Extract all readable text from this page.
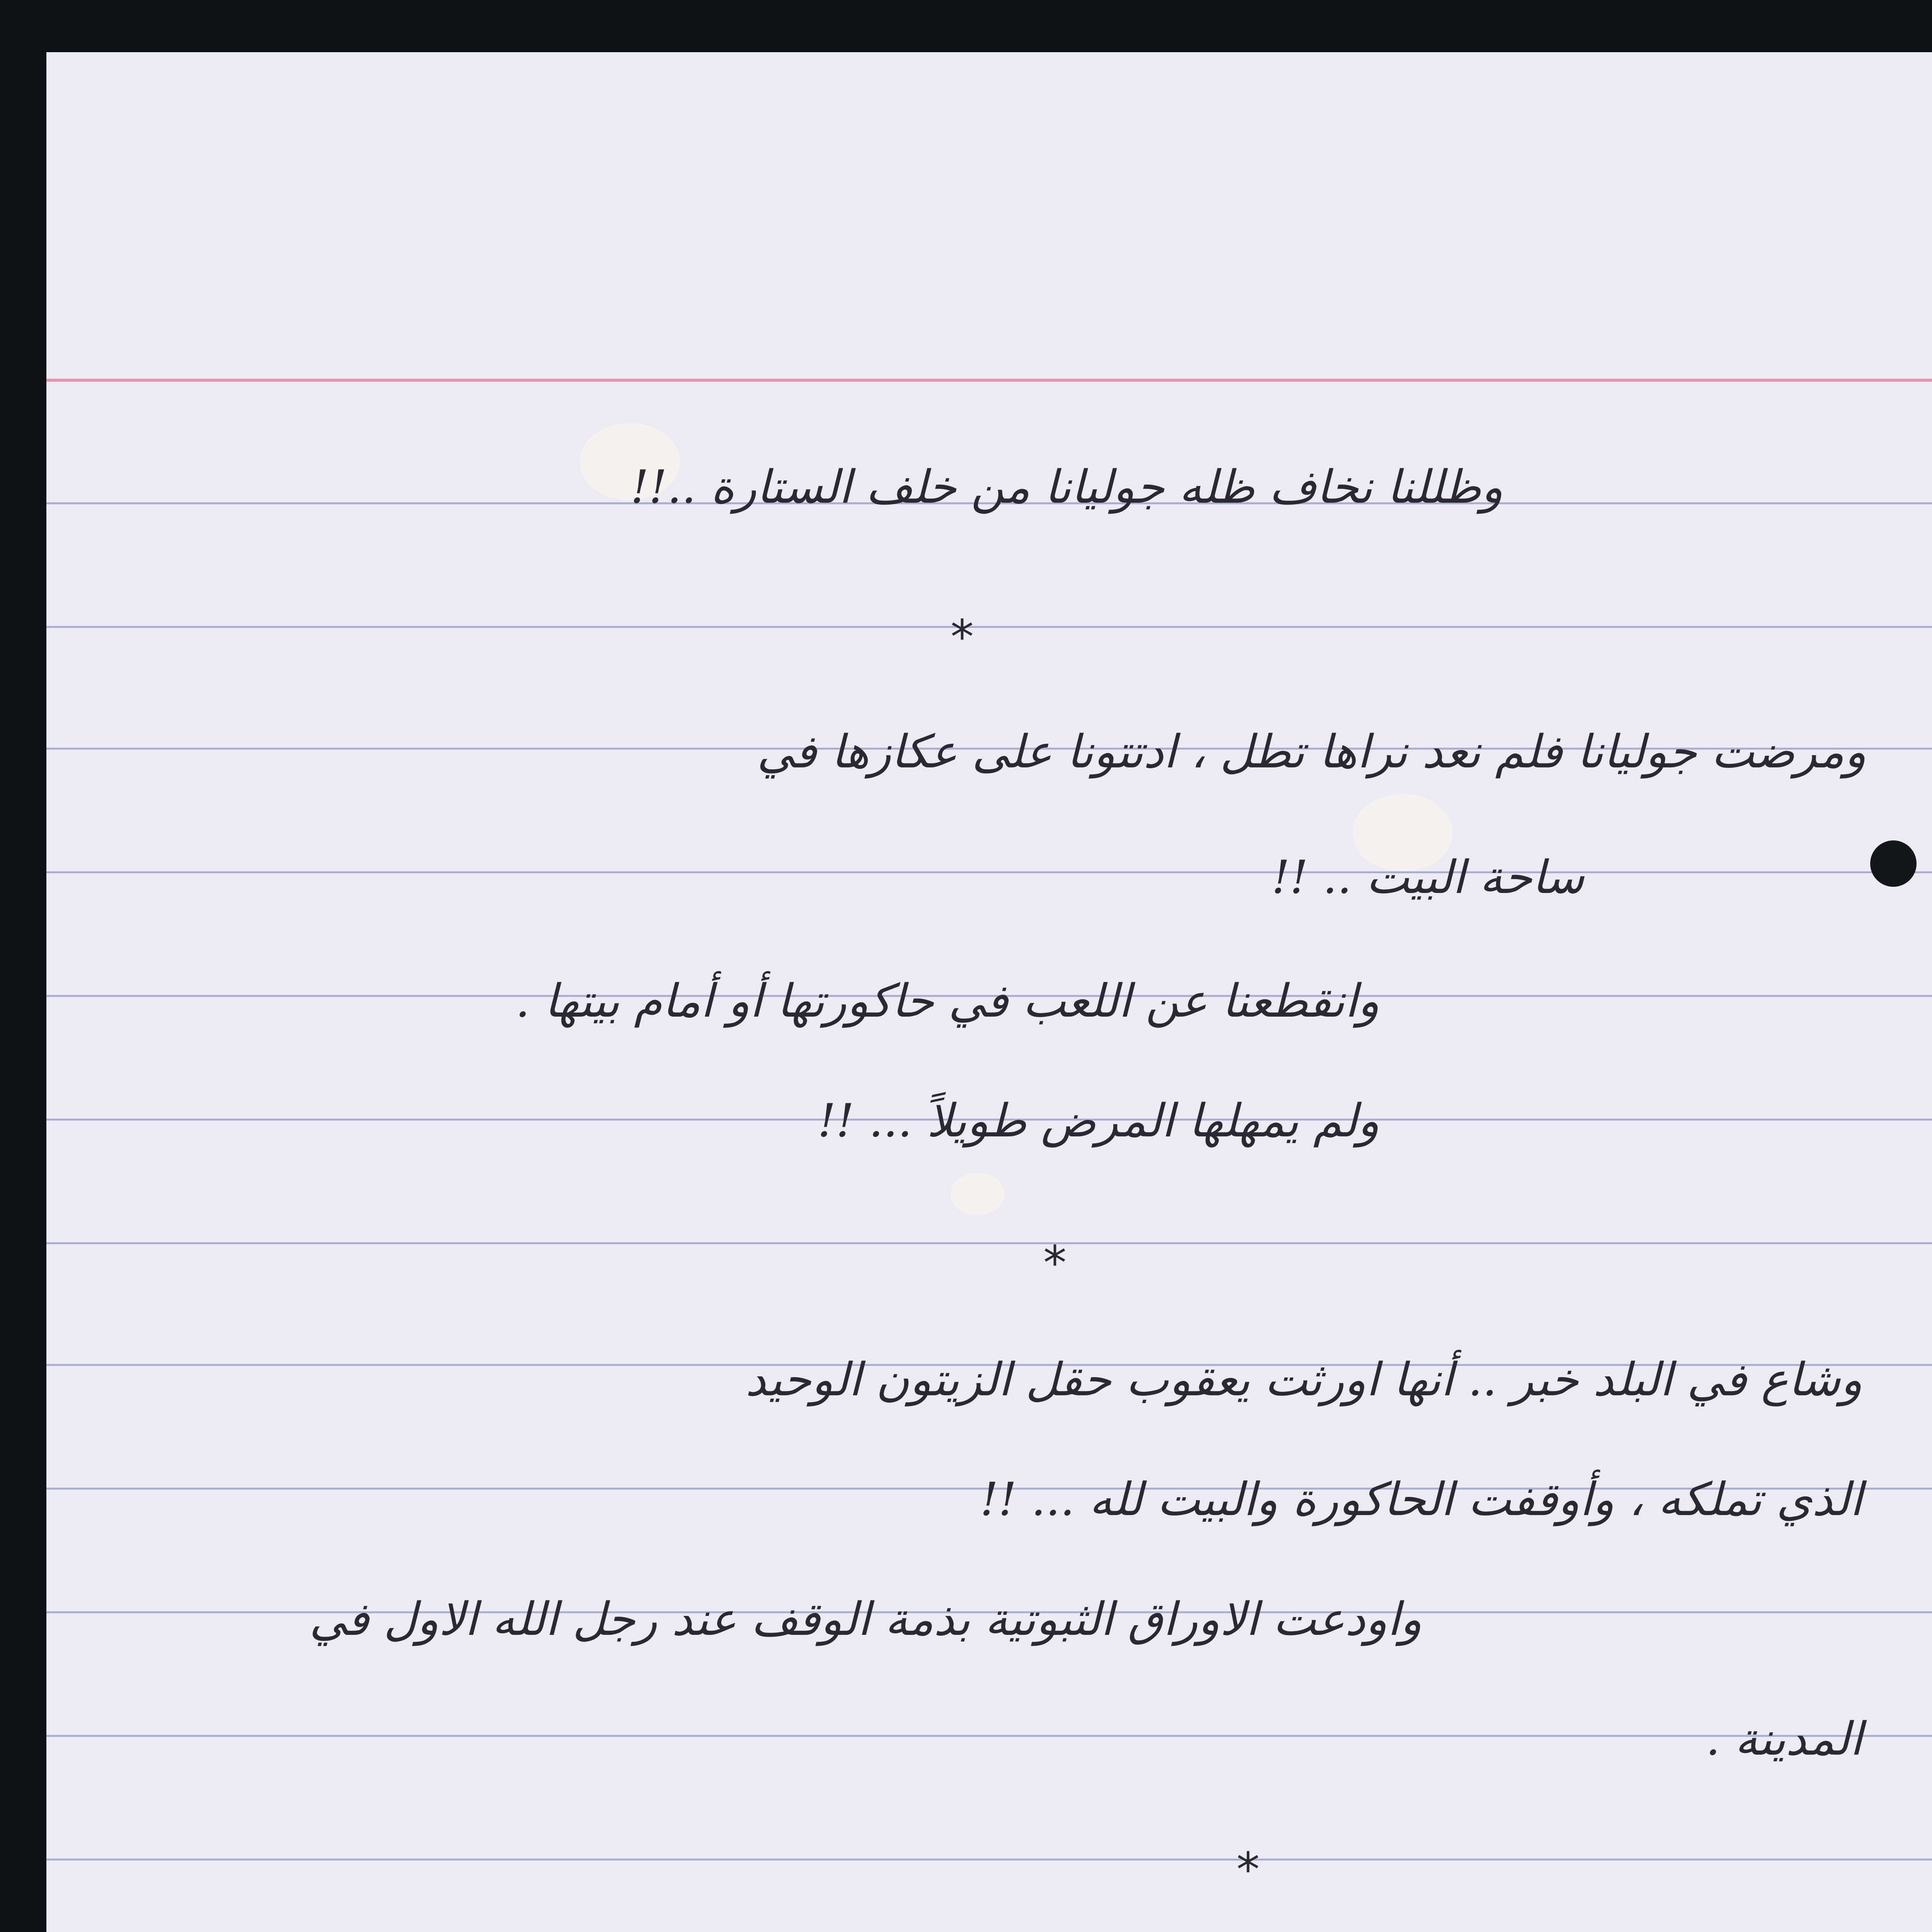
وظللنا نخاف ظله جوليانا من خلف الستارة ..!!

*

ومرضت جوليانا فلم نعد نراها تطل ، ادتتونا على عكازها في

ساحة البيت .. !!

وانقطعنا عن اللعب في حاكورتها أو أمام بيتها .

ولم يمهلها المرض طويلاً ... !!

*

وشاع في البلد خبر .. أنها اورثت يعقوب حقل الزيتون الوحيد

الذي تملكه ، وأوقفت الحاكورة والبيت لله ... !!

واودعت الاوراق الثبوتية بذمة الوقف عند رجل الله الاول في

المدينة .

*
